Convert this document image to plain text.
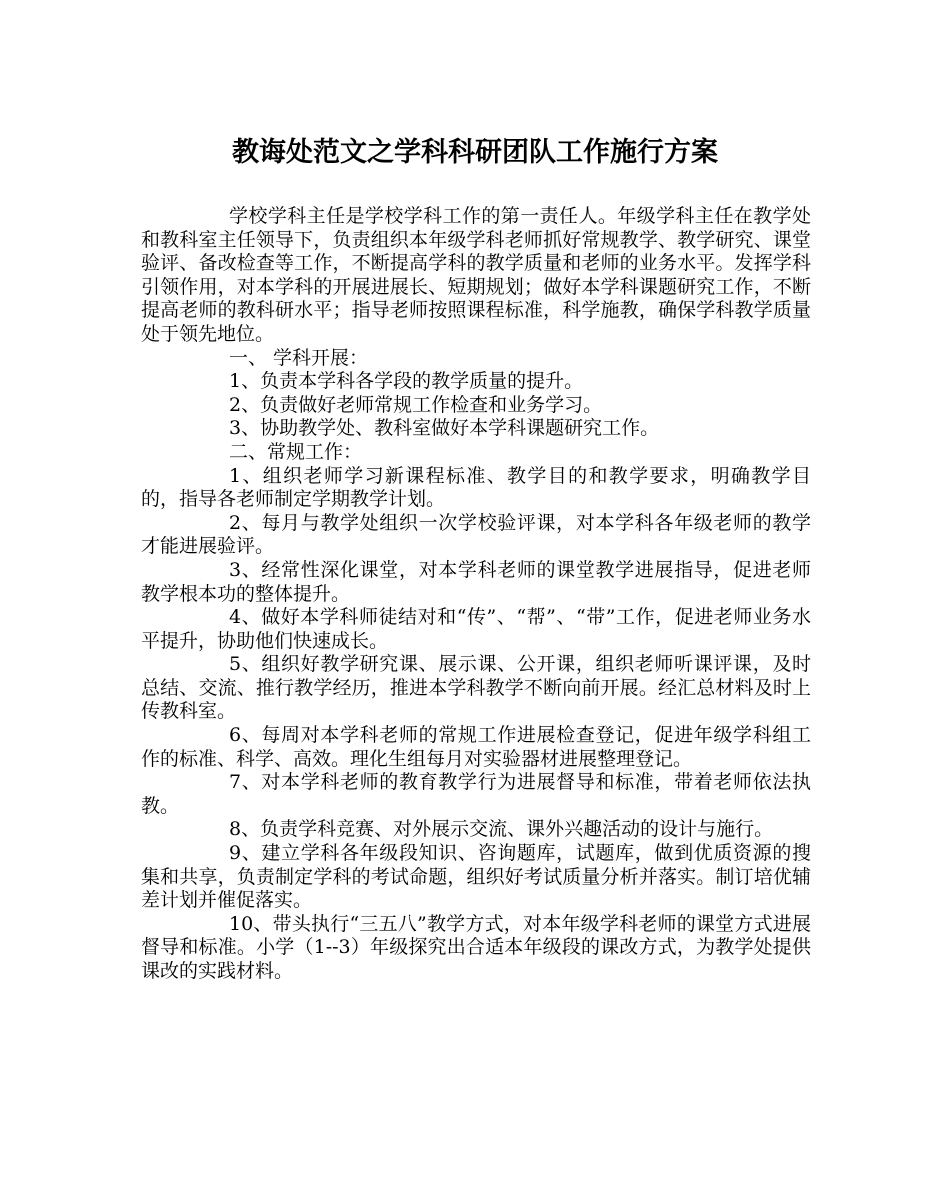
教诲处范文之学科科研团队工作施行方案

学校学科主任是学校学科工作的第一责任人。年级学科主任在教学处和教科室主任领导下，负责组织本年级学科老师抓好常规教学、教学研究、课堂验评、备改检查等工作，不断提高学科的教学质量和老师的业务水平。发挥学科引领作用，对本学科的开展进展长、短期规划；做好本学科课题研究工作，不断提高老师的教科研水平；指导老师按照课程标准，科学施教，确保学科教学质量处于领先地位。

一、 学科开展：

1、负责本学科各学段的教学质量的提升。

2、负责做好老师常规工作检查和业务学习。

3、协助教学处、教科室做好本学科课题研究工作。

二、常规工作：

1、组织老师学习新课程标准、教学目的和教学要求，明确教学目的，指导各老师制定学期教学计划。

2、每月与教学处组织一次学校验评课，对本学科各年级老师的教学才能进展验评。

3、经常性深化课堂，对本学科老师的课堂教学进展指导，促进老师教学根本功的整体提升。

4、做好本学科师徒结对和“传”、“帮”、“带”工作，促进老师业务水平提升，协助他们快速成长。

5、组织好教学研究课、展示课、公开课，组织老师听课评课，及时总结、交流、推行教学经历，推进本学科教学不断向前开展。经汇总材料及时上传教科室。

6、每周对本学科老师的常规工作进展检查登记，促进年级学科组工作的标准、科学、高效。理化生组每月对实验器材进展整理登记。

7、对本学科老师的教育教学行为进展督导和标准，带着老师依法执教。

8、负责学科竞赛、对外展示交流、课外兴趣活动的设计与施行。

9、建立学科各年级段知识、咨询题库，试题库，做到优质资源的搜集和共享，负责制定学科的考试命题，组织好考试质量分析并落实。制订培优辅差计划并催促落实。

10、带头执行“三五八”教学方式，对本年级学科老师的课堂方式进展督导和标准。小学（1--3）年级探究出合适本年级段的课改方式，为教学处提供课改的实践材料。
